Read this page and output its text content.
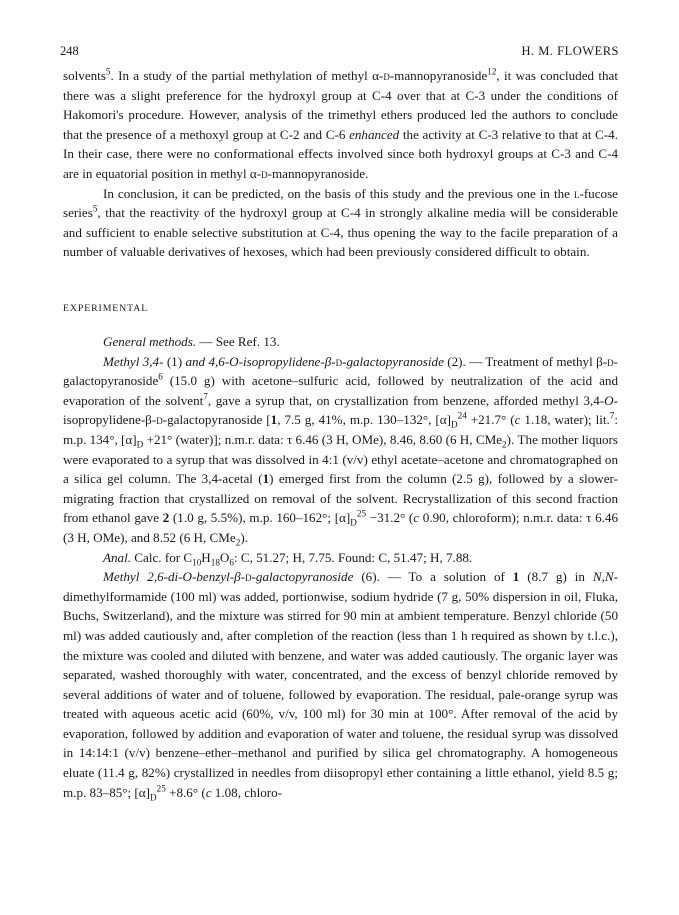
248	H. M. FLOWERS

solvents$^5$. In a study of the partial methylation of methyl α-d-mannopyranoside$^{12}$, it was concluded that there was a slight preference for the hydroxyl group at C-4 over that at C-3 under the conditions of Hakomori's procedure. However, analysis of the trimethyl ethers produced led the authors to conclude that the presence of a methoxyl group at C-2 and C-6 enhanced the activity at C-3 relative to that at C-4. In their case, there were no conformational effects involved since both hydroxyl groups at C-3 and C-4 are in equatorial position in methyl α-d-mannopyranoside.

In conclusion, it can be predicted, on the basis of this study and the previous one in the l-fucose series$^5$, that the reactivity of the hydroxyl group at C-4 in strongly alkaline media will be considerable and sufficient to enable selective substitution at C-4, thus opening the way to the facile preparation of a number of valuable derivatives of hexoses, which had been previously considered difficult to obtain.

EXPERIMENTAL

General methods. — See Ref. 13.

Methyl 3,4- (1) and 4,6-O-isopropylidene-β-d-galactopyranoside (2). — Treatment of methyl β-d-galactopyranoside$^6$ (15.0 g) with acetone–sulfuric acid, followed by neutralization of the acid and evaporation of the solvent$^7$, gave a syrup that, on crystallization from benzene, afforded methyl 3,4-O-isopropylidene-β-d-galactopyranoside [1, 7.5 g, 41%, m.p. 130–132°, $[\alpha]_D^{24} +21.7^\circ$ (c 1.18, water); lit.$^7$: m.p. 134°, $[\alpha]_D +21^\circ$ (water)]; n.m.r. data: τ 6.46 (3 H, OMe), 8.46, 8.60 (6 H, CMe$_2$). The mother liquors were evaporated to a syrup that was dissolved in 4:1 (v/v) ethyl acetate–acetone and chromatographed on a silica gel column. The 3,4-acetal (1) emerged first from the column (2.5 g), followed by a slower-migrating fraction that crystallized on removal of the solvent. Recrystallization of this second fraction from ethanol gave 2 (1.0 g, 5.5%), m.p. 160–162°; $[\alpha]_D^{25} -31.2^\circ$ (c 0.90, chloroform); n.m.r. data: τ 6.46 (3 H, OMe), and 8.52 (6 H, CMe$_2$).

Anal. Calc. for $C_{10}H_{18}O_6$: C, 51.27; H, 7.75. Found: C, 51.47; H, 7.88.

Methyl 2,6-di-O-benzyl-β-d-galactopyranoside (6). — To a solution of 1 (8.7 g) in N,N-dimethylformamide (100 ml) was added, portionwise, sodium hydride (7 g, 50% dispersion in oil, Fluka, Buchs, Switzerland), and the mixture was stirred for 90 min at ambient temperature. Benzyl chloride (50 ml) was added cautiously and, after completion of the reaction (less than 1 h required as shown by t.l.c.), the mixture was cooled and diluted with benzene, and water was added cautiously. The organic layer was separated, washed thoroughly with water, concentrated, and the excess of benzyl chloride removed by several additions of water and of toluene, followed by evaporation. The residual, pale-orange syrup was treated with aqueous acetic acid (60%, v/v, 100 ml) for 30 min at 100°. After removal of the acid by evaporation, followed by addition and evaporation of water and toluene, the residual syrup was dissolved in 14:14:1 (v/v) benzene–ether–methanol and purified by silica gel chromatography. A homogeneous eluate (11.4 g, 82%) crystallized in needles from diisopropyl ether containing a little ethanol, yield 8.5 g; m.p. 83–85°; $[\alpha]_D^{25} +8.6^\circ$ (c 1.08, chloro-
